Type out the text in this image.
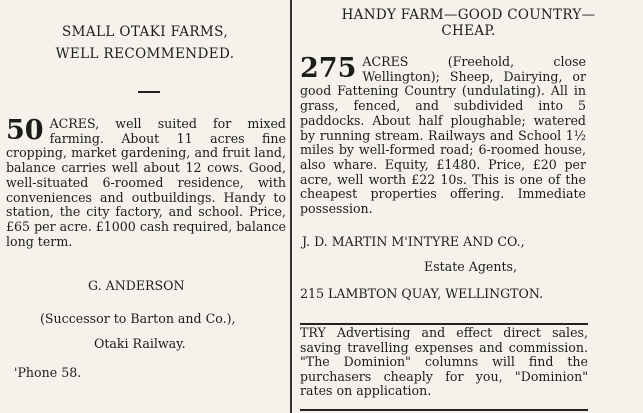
SMALL OTAKI FARMS,
WELL RECOMMENDED.
50 ACRES, well suited for mixed farming. About 11 acres fine cropping, market gardening, and fruit land, balance carries well about 12 cows. Good, well-situated 6-roomed residence, with conveniences and outbuildings. Handy to station, the city factory, and school. Price, £65 per acre. £1000 cash required, balance long term.
G. ANDERSON
(Successor to Barton and Co.),
Otaki Railway.
'Phone 58.
HANDY FARM—GOOD COUNTRY—
CHEAP.
275 ACRES (Freehold, close Wellington); Sheep, Dairying, or good Fattening Country (undulating). All in grass, fenced, and subdivided into 5 paddocks. About half ploughable; watered by running stream. Railways and School 1½ miles by well-formed road; 6-roomed house, also whare. Equity, £1480. Price, £20 per acre, well worth £22 10s. This is one of the cheapest properties offering. Immediate possession.
J. D. MARTIN M'INTYRE AND CO.,
Estate Agents,
215 LAMBTON QUAY, WELLINGTON.
TRY Advertising and effect direct sales, saving travelling expenses and commission. "The Dominion" columns will find the purchasers cheaply for you, "Dominion" rates on application.
